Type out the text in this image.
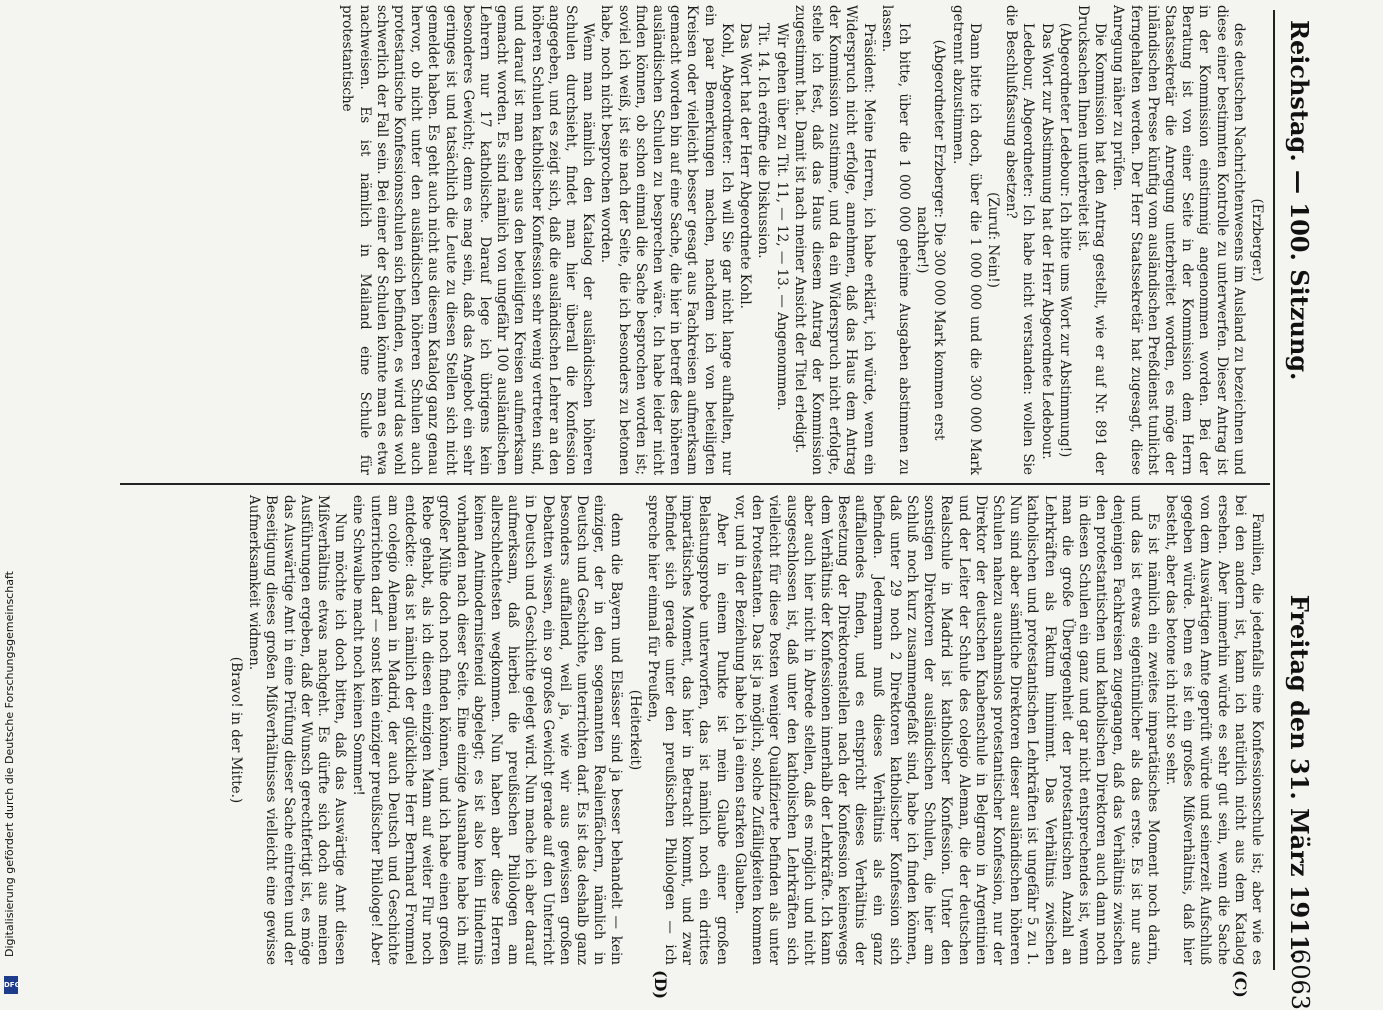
Digitalisierung gefördert durch die Deutsche Forschungsgemeinschaft
DFG
Reichstag. — 100. Sitzung.
Freitag den 31. März 1911.
6063
(C)
(D)

(Erzberger.)

des deutschen Nachrichtenwesens im Ausland zu bezeichnen und diese einer bestimmten Kontrolle zu unterwerfen. Dieser Antrag ist in der Kommission einstimmig angenommen worden. Bei der Beratung ist von einer Seite in der Kommission dem Herrn Staatssekretär die Anregung unterbreitet worden, es möge der inländischen Presse künftig vom ausländischen Preßdienst tunlichst ferngehalten werden. Der Herr Staatssekretär hat zugesagt, diese Anregung näher zu prüfen.

Die Kommission hat den Antrag gestellt, wie er auf Nr. 891 der Drucksachen Ihnen unterbreitet ist.

(Abgeordneter Ledebour: Ich bitte ums Wort zur Abstimmung!)

Das Wort zur Abstimmung hat der Herr Abgeordnete Ledebour.

Ledebour, Abgeordneter: Ich habe nicht verstanden: wollen Sie die Beschlußfassung absetzen?

(Zuruf: Nein!)

Dann bitte ich doch, über die 1 000 000 und die 300 000 Mark getrennt abzustimmen.

(Abgeordneter Erzberger: Die 300 000 Mark kommen erst nachher!)

Ich bitte, über die 1 000 000 geheime Ausgaben abstimmen zu lassen.

Präsident: Meine Herren, ich habe erklärt, ich würde, wenn ein Widerspruch nicht erfolge, annehmen, daß das Haus dem Antrag der Kommission zustimme, und da ein Widerspruch nicht erfolgte, stelle ich fest, daß das Haus diesem Antrag der Kommission zugestimmt hat. Damit ist nach meiner Ansicht der Titel erledigt.

Wir gehen über zu Tit. 11, — 12, — 13. — Angenommen.

Tit. 14. Ich eröffne die Diskussion.

Das Wort hat der Herr Abgeordnete Kohl.

Kohl, Abgeordneter: Ich will Sie gar nicht lange aufhalten, nur ein paar Bemerkungen machen, nachdem ich von beteiligten Kreisen oder vielleicht besser gesagt aus Fachkreisen aufmerksam gemacht worden bin auf eine Sache, die hier in betreff des höheren ausländischen Schulen zu besprechen wäre. Ich habe leider nicht finden können, ob schon einmal die Sache besprochen worden ist; soviel ich weiß, ist sie nach der Seite, die ich besonders zu betonen habe, noch nicht besprochen worden.

Wenn man nämlich den Katalog der ausländischen höheren Schulen durchsieht, findet man hier überall die Konfession angegeben, und es zeigt sich, daß die ausländischen Lehrer an den höheren Schulen katholischer Konfession sehr wenig vertreten sind, und darauf ist man eben aus den beteiligten Kreisen aufmerksam gemacht worden. Es sind nämlich von ungefähr 100 ausländischen Lehrern nur 17 katholische. Darauf lege ich übrigens kein besonderes Gewicht; denn es mag sein, daß das Angebot ein sehr geringes ist und tatsächlich die Leute zu diesen Stellen sich nicht gemeldet haben. Es geht auch nicht aus diesem Katalog ganz genau hervor, ob nicht unter den ausländischen höheren Schulen auch protestantische Konfessionsschulen sich befinden, es wird das wohl schwerlich der Fall sein. Bei einer der Schulen könnte man es etwa nachweisen. Es ist nämlich in Mailand eine Schule für protestantische

Familien, die jedenfalls eine Konfessionsschule ist; aber wie es bei den andern ist, kann ich natürlich nicht aus dem Katalog ersehen. Aber immerhin würde es sehr gut sein, wenn die Sache von dem Auswärtigen Amte geprüft würde und seinerzeit Aufschluß gegeben würde. Denn es ist ein großes Mißverhältnis, daß hier besteht, aber das betone ich nicht so sehr.

Es ist nämlich ein zweites impartätisches Moment noch darin, und das ist etwas eigentümlicher als das erste. Es ist nur aus denjenigen Fachkreisen zugegangen, daß das Verhältnis zwischen den protestantischen und katholischen Direktoren auch dann noch in diesen Schulen ein ganz und gar nicht entsprechendes ist, wenn man die große Übergegenheit der protestantischen Anzahl an Lehrkräften als Faktum hinnimmt. Das Verhältnis zwischen katholischen und protestantischen Lehrkräften ist ungefähr 5 zu 1. Nun sind aber sämtliche Direktoren dieser ausländischen höheren Schulen nahezu ausnahmslos protestantischer Konfession, nur der Direktor der deutschen Knabenschule in Belgrano in Argentinien und der Leiter der Schule des colegio Aleman, die der deutschen Realschule in Madrid ist katholischer Konfession. Unter den sonstigen Direktoren der ausländischen Schulen, die hier am Schluß noch kurz zusammengefaßt sind, habe ich finden können, daß unter 29 noch 2 Direktoren katholischer Konfession sich befinden. Jedermann muß dieses Verhältnis als ein ganz auffallendes finden, und es entspricht dieses Verhältnis der Besetzung der Direktorenstellen nach der Konfession keineswegs dem Verhältnis der Konfessionen innerhalb der Lehrkräfte. Ich kann aber auch hier nicht in Abrede stellen, daß es möglich und nicht ausgeschlossen ist, daß unter den katholischen Lehrkräften sich vielleicht für diese Posten weniger Qualifizierte befinden als unter den Protestanten. Das ist ja möglich, solche Zufälligkeiten kommen vor, und in der Beziehung habe ich ja einen starken Glauben.

Aber in einem Punkte ist mein Glaube einer großen Belastungsprobe unterworfen, das ist nämlich noch ein drittes impartätisches Moment, das hier in Betracht kommt, und zwar befindet sich gerade unter den preußischen Philologen — ich spreche hier einmal für Preußen,

(Heiterkeit)

denn die Bayern und Elsässer sind ja besser behandelt — kein einziger, der in den sogenannten Realienfächern, nämlich in Deutsch und Geschichte, unterrichten darf. Es ist das deshalb ganz besonders auffallend, weil ja, wie wir aus gewissen großen Debatten wissen, ein so großes Gewicht gerade auf den Unterricht in Deutsch und Geschichte gelegt wird. Nun mache ich aber darauf aufmerksam, daß hierbei die preußischen Philologen am allerschlechtesten wegkommen. Nun haben aber diese Herren keinen Antimodernisteneid abgelegt; es ist also kein Hindernis vorhanden nach dieser Seite. Eine einzige Ausnahme habe ich mit großer Mühe doch noch finden können, und ich habe einen großen Rebe gehabt, als ich diesen einzigen Mann auf weiter Flur noch entdeckte: das ist nämlich der glückliche Herr Bernhard Frommel am colegio Aleman in Madrid, der auch Deutsch und Geschichte unterrichten darf — sonst kein einziger preußischer Philologe! Aber eine Schwalbe macht noch keinen Sommer!

Nun möchte ich doch bitten, daß das Auswärtige Amt diesen Mißverhältnis etwas nachgeht. Es dürfte sich doch aus meinen Ausführungen ergeben, daß der Wunsch gerechtfertigt ist, es möge das Auswärtige Amt in eine Prüfung dieser Sache eintreten und der Beseitigung dieses großen Mißverhältnisses vielleicht eine gewisse Aufmerksamkeit widmen.

(Bravo! in der Mitte.)
